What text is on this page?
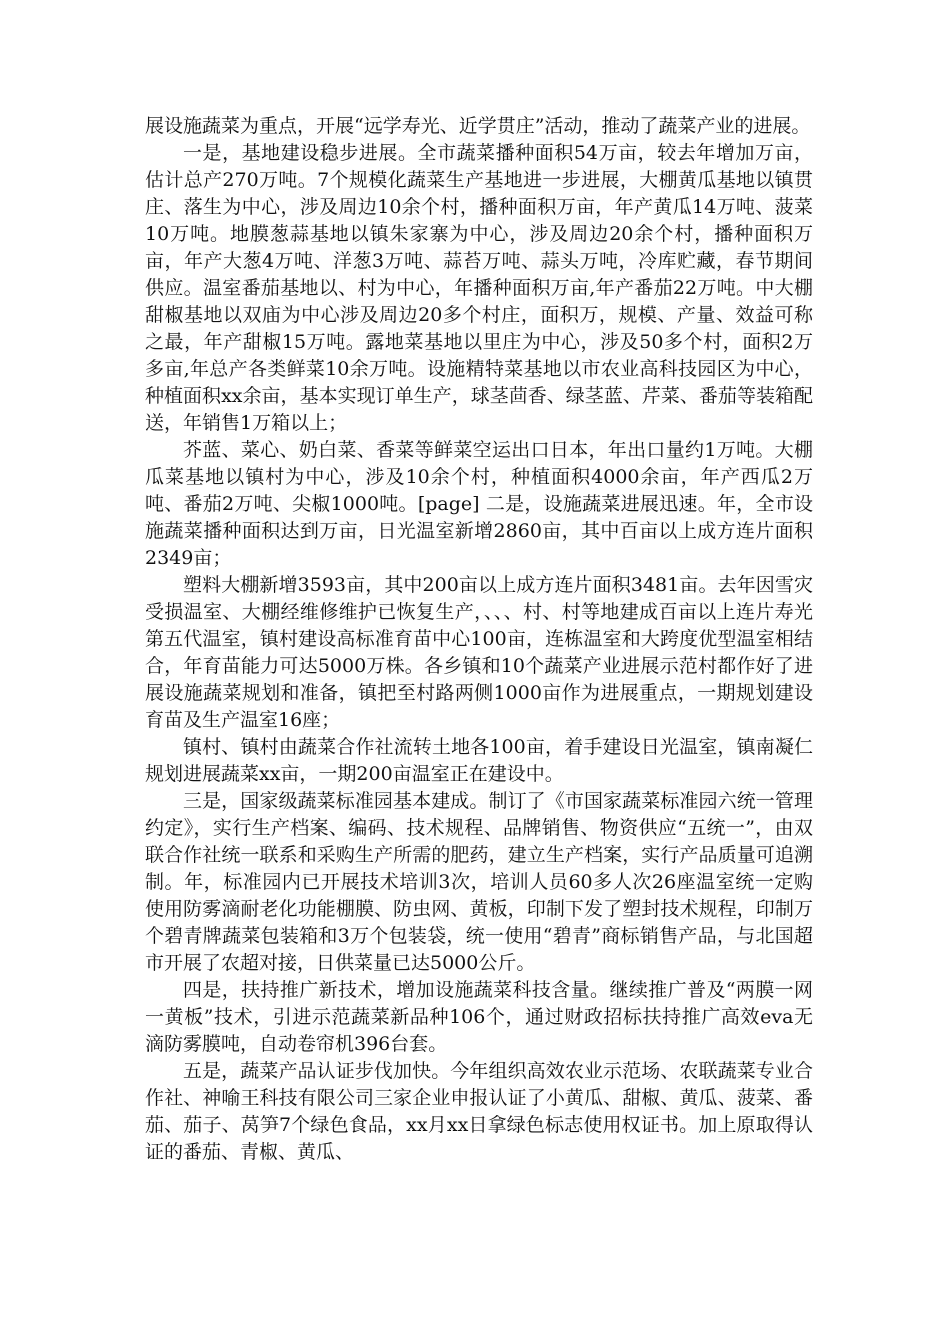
展设施蔬菜为重点，开展“远学寿光、近学贯庄”活动，推动了蔬菜产业的进展。

一是，基地建设稳步进展。全市蔬菜播种面积54万亩，较去年增加万亩，估计总产270万吨。7个规模化蔬菜生产基地进一步进展，大棚黄瓜基地以镇贯庄、落生为中心，涉及周边10余个村，播种面积万亩，年产黄瓜14万吨、菠菜10万吨。地膜葱蒜基地以镇朱家寨为中心，涉及周边20余个村，播种面积万亩，年产大葱4万吨、洋葱3万吨、蒜苔万吨、蒜头万吨，冷库贮藏，春节期间供应。温室番茄基地以、村为中心，年播种面积万亩,年产番茄22万吨。中大棚甜椒基地以双庙为中心涉及周边20多个村庄，面积万，规模、产量、效益可称之最，年产甜椒15万吨。露地菜基地以里庄为中心，涉及50多个村，面积2万多亩,年总产各类鲜菜10余万吨。设施精特菜基地以市农业高科技园区为中心，种植面积xx余亩，基本实现订单生产，球茎茴香、绿茎蓝、芹菜、番茄等装箱配送，年销售1万箱以上；

芥蓝、菜心、奶白菜、香菜等鲜菜空运出口日本，年出口量约1万吨。大棚瓜菜基地以镇村为中心，涉及10余个村，种植面积4000余亩，年产西瓜2万吨、番茄2万吨、尖椒1000吨。[page] 二是，设施蔬菜进展迅速。年，全市设施蔬菜播种面积达到万亩，日光温室新增2860亩，其中百亩以上成方连片面积2349亩；

塑料大棚新增3593亩，其中200亩以上成方连片面积3481亩。去年因雪灾受损温室、大棚经维修维护已恢复生产，、、、村、村等地建成百亩以上连片寿光第五代温室，镇村建设高标准育苗中心100亩，连栋温室和大跨度优型温室相结合，年育苗能力可达5000万株。各乡镇和10个蔬菜产业进展示范村都作好了进展设施蔬菜规划和准备，镇把至村路两侧1000亩作为进展重点，一期规划建设育苗及生产温室16座；

镇村、镇村由蔬菜合作社流转土地各100亩，着手建设日光温室，镇南凝仁规划进展蔬菜xx亩，一期200亩温室正在建设中。

三是，国家级蔬菜标准园基本建成。制订了《市国家蔬菜标准园六统一管理约定》，实行生产档案、编码、技术规程、品牌销售、物资供应“五统一”，由双联合作社统一联系和采购生产所需的肥药，建立生产档案，实行产品质量可追溯制。年，标准园内已开展技术培训3次，培训人员60多人次26座温室统一定购使用防雾滴耐老化功能棚膜、防虫网、黄板，印制下发了塑封技术规程，印制万个碧青牌蔬菜包装箱和3万个包装袋，统一使用“碧青”商标销售产品，与北国超市开展了农超对接，日供菜量已达5000公斤。

四是，扶持推广新技术，增加设施蔬菜科技含量。继续推广普及“两膜一网一黄板”技术，引进示范蔬菜新品种106个，通过财政招标扶持推广高效eva无滴防雾膜吨，自动卷帘机396台套。

五是，蔬菜产品认证步伐加快。今年组织高效农业示范场、农联蔬菜专业合作社、神喻王科技有限公司三家企业申报认证了小黄瓜、甜椒、黄瓜、菠菜、番茄、茄子、莴笋7个绿色食品，xx月xx日拿绿色标志使用权证书。加上原取得认证的番茄、青椒、黄瓜、
